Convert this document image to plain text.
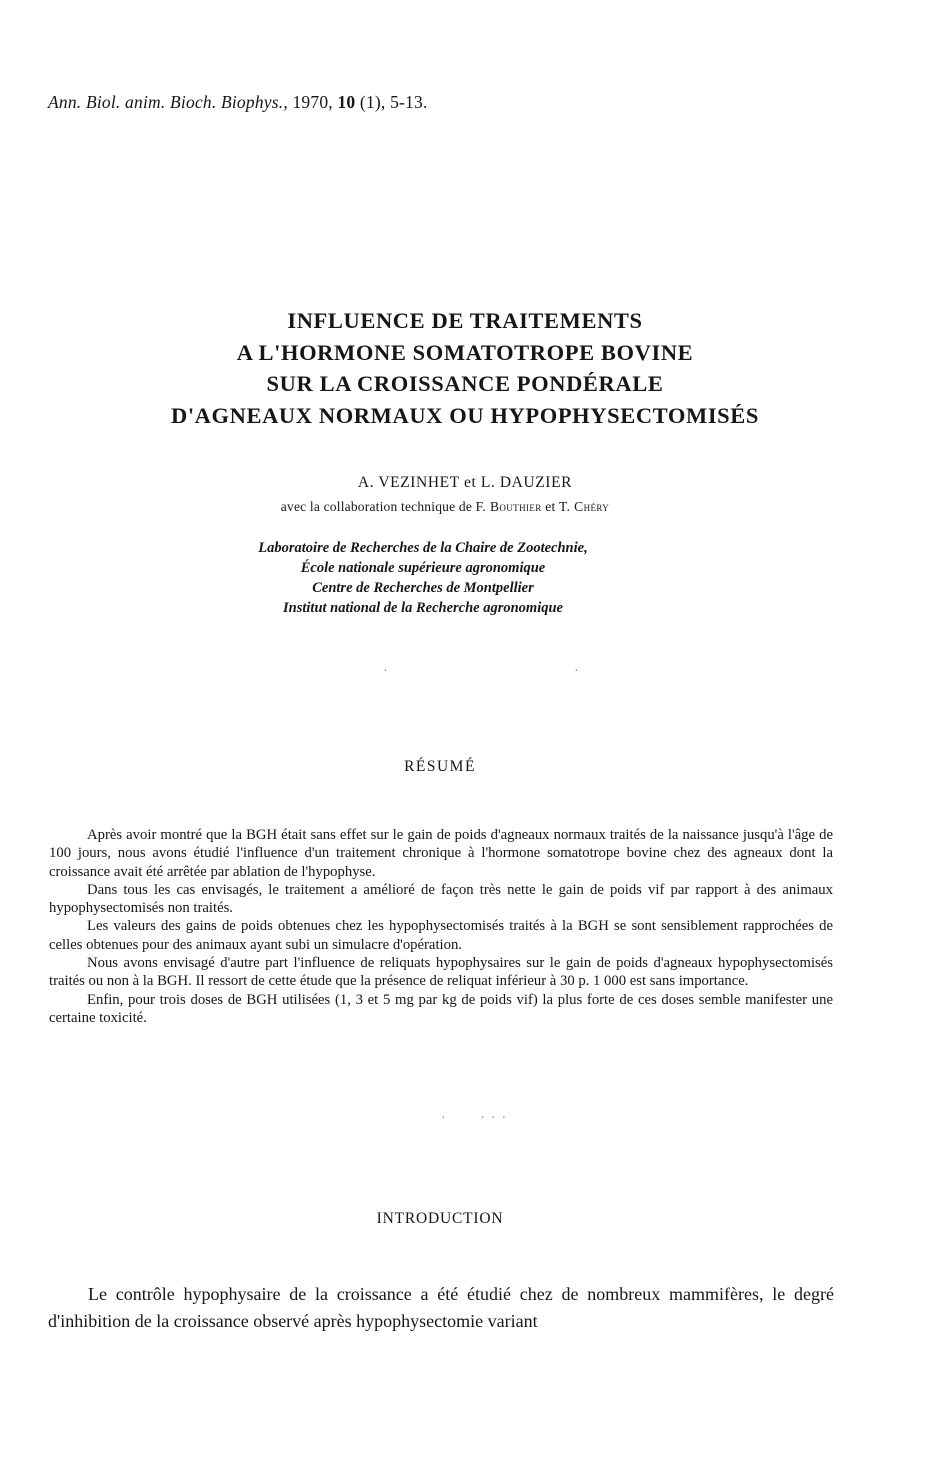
Ann. Biol. anim. Bioch. Biophys., 1970, 10 (1), 5-13.

INFLUENCE DE TRAITEMENTS
A L'HORMONE SOMATOTROPE BOVINE
SUR LA CROISSANCE PONDÉRALE
D'AGNEAUX NORMAUX OU HYPOPHYSECTOMISÉS

A. VEZINHET et L. DAUZIER

avec la collaboration technique de F. Bouthier et T. Chéry

Laboratoire de Recherches de la Chaire de Zootechnie,
École nationale supérieure agronomique
Centre de Recherches de Montpellier
Institut national de la Recherche agronomique

·                   ·
RÉSUMÉ

Après avoir montré que la BGH était sans effet sur le gain de poids d'agneaux normaux traités de la naissance jusqu'à l'âge de 100 jours, nous avons étudié l'influence d'un traitement chronique à l'hormone somatotrope bovine chez des agneaux dont la croissance avait été arrêtée par ablation de l'hypophyse.

Dans tous les cas envisagés, le traitement a amélioré de façon très nette le gain de poids vif par rapport à des animaux hypophysectomisés non traités.

Les valeurs des gains de poids obtenues chez les hypophysectomisés traités à la BGH se sont sensiblement rapprochées de celles obtenues pour des animaux ayant subi un simulacre d'opération.

Nous avons envisagé d'autre part l'influence de reliquats hypophysaires sur le gain de poids d'agneaux hypophysectomisés traités ou non à la BGH. Il ressort de cette étude que la présence de reliquat inférieur à 30 p. 1 000 est sans importance.

Enfin, pour trois doses de BGH utilisées (1, 3 et 5 mg par kg de poids vif) la plus forte de ces doses semble manifester une certaine toxicité.

·   ···
INTRODUCTION

Le contrôle hypophysaire de la croissance a été étudié chez de nombreux mammifères, le degré d'inhibition de la croissance observé après hypophysectomie variant
